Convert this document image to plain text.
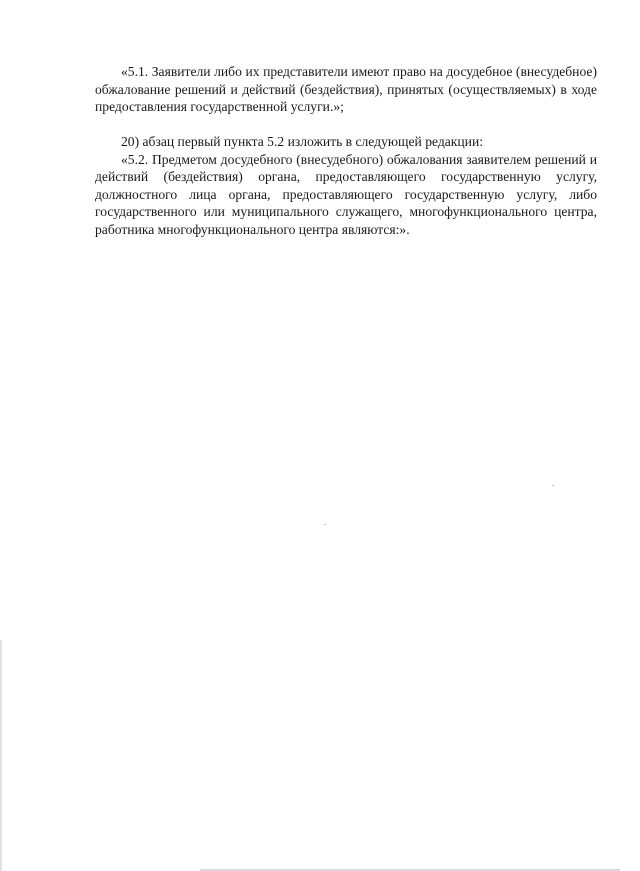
«5.1. Заявители либо их представители имеют право на досудебное (внесудебное) обжалование решений и действий (бездействия), принятых (осуществляемых) в ходе предоставления государственной услуги.»;

20) абзац первый пункта 5.2 изложить в следующей редакции:

«5.2. Предметом досудебного (внесудебного) обжалования заявителем решений и действий (бездействия) органа, предоставляющего государственную услугу, должностного лица органа, предоставляющего государственную услугу, либо государственного или муниципального служащего, многофункционального центра, работника многофункционального центра являются:».
